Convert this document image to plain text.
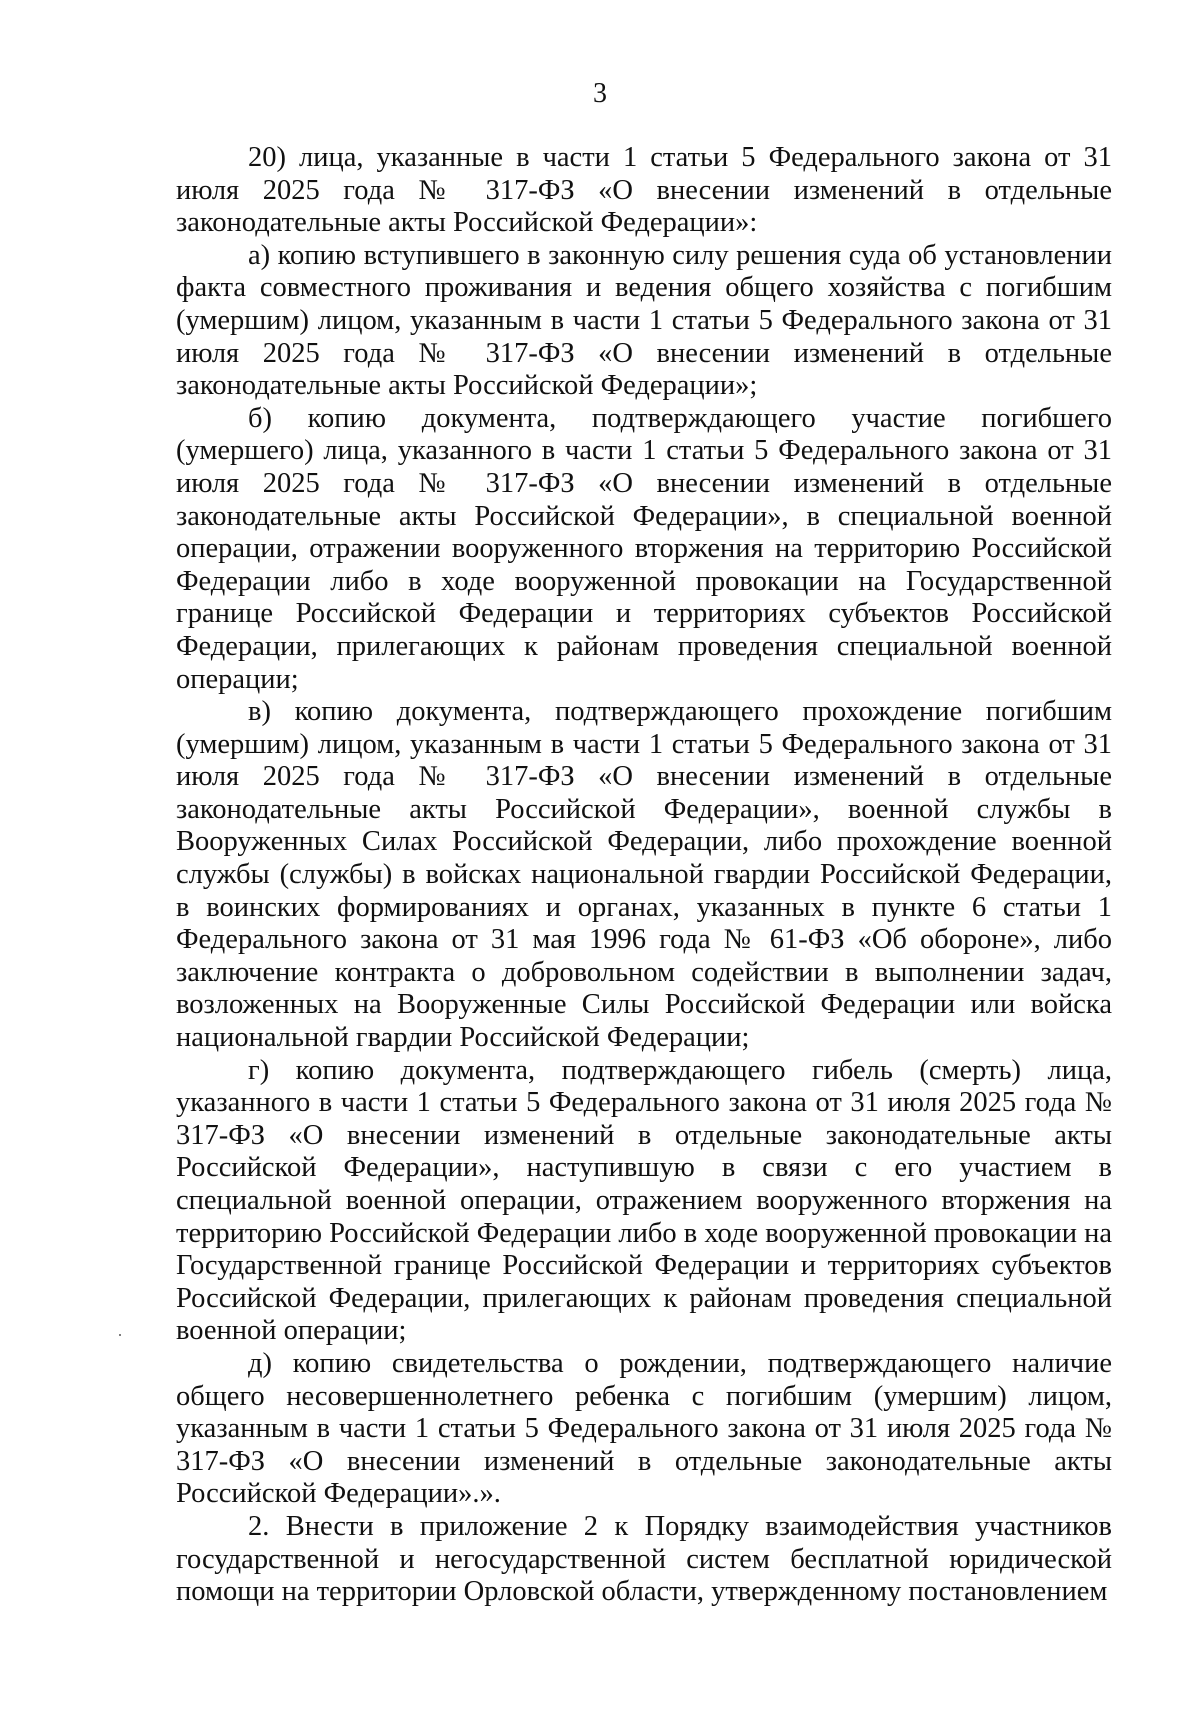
3

20) лица, указанные в части 1 статьи 5 Федерального закона от 31 июля 2025 года № 317-ФЗ «О внесении изменений в отдельные законодательные акты Российской Федерации»:

а) копию вступившего в законную силу решения суда об установлении факта совместного проживания и ведения общего хозяйства с погибшим (умершим) лицом, указанным в части 1 статьи 5 Федерального закона от 31 июля 2025 года № 317-ФЗ «О внесении изменений в отдельные законодательные акты Российской Федерации»;

б) копию документа, подтверждающего участие погибшего (умершего) лица, указанного в части 1 статьи 5 Федерального закона от 31 июля 2025 года № 317-ФЗ «О внесении изменений в отдельные законодательные акты Российской Федерации», в специальной военной операции, отражении вооруженного вторжения на территорию Российской Федерации либо в ходе вооруженной провокации на Государственной границе Российской Федерации и территориях субъектов Российской Федерации, прилегающих к районам проведения специальной военной операции;

в) копию документа, подтверждающего прохождение погибшим (умершим) лицом, указанным в части 1 статьи 5 Федерального закона от 31 июля 2025 года № 317-ФЗ «О внесении изменений в отдельные законодательные акты Российской Федерации», военной службы в Вооруженных Силах Российской Федерации, либо прохождение военной службы (службы) в войсках национальной гвардии Российской Федерации, в воинских формированиях и органах, указанных в пункте 6 статьи 1 Федерального закона от 31 мая 1996 года № 61-ФЗ «Об обороне», либо заключение контракта о добровольном содействии в выполнении задач, возложенных на Вооруженные Силы Российской Федерации или войска национальной гвардии Российской Федерации;

г) копию документа, подтверждающего гибель (смерть) лица, указанного в части 1 статьи 5 Федерального закона от 31 июля 2025 года № 317-ФЗ «О внесении изменений в отдельные законодательные акты Российской Федерации», наступившую в связи с его участием в специальной военной операции, отражением вооруженного вторжения на территорию Российской Федерации либо в ходе вооруженной провокации на Государственной границе Российской Федерации и территориях субъектов Российской Федерации, прилегающих к районам проведения специальной военной операции;

д) копию свидетельства о рождении, подтверждающего наличие общего несовершеннолетнего ребенка с погибшим (умершим) лицом, указанным в части 1 статьи 5 Федерального закона от 31 июля 2025 года № 317-ФЗ «О внесении изменений в отдельные законодательные акты Российской Федерации».».

2. Внести в приложение 2 к Порядку взаимодействия участников государственной и негосударственной систем бесплатной юридической помощи на территории Орловской области, утвержденному постановлением
